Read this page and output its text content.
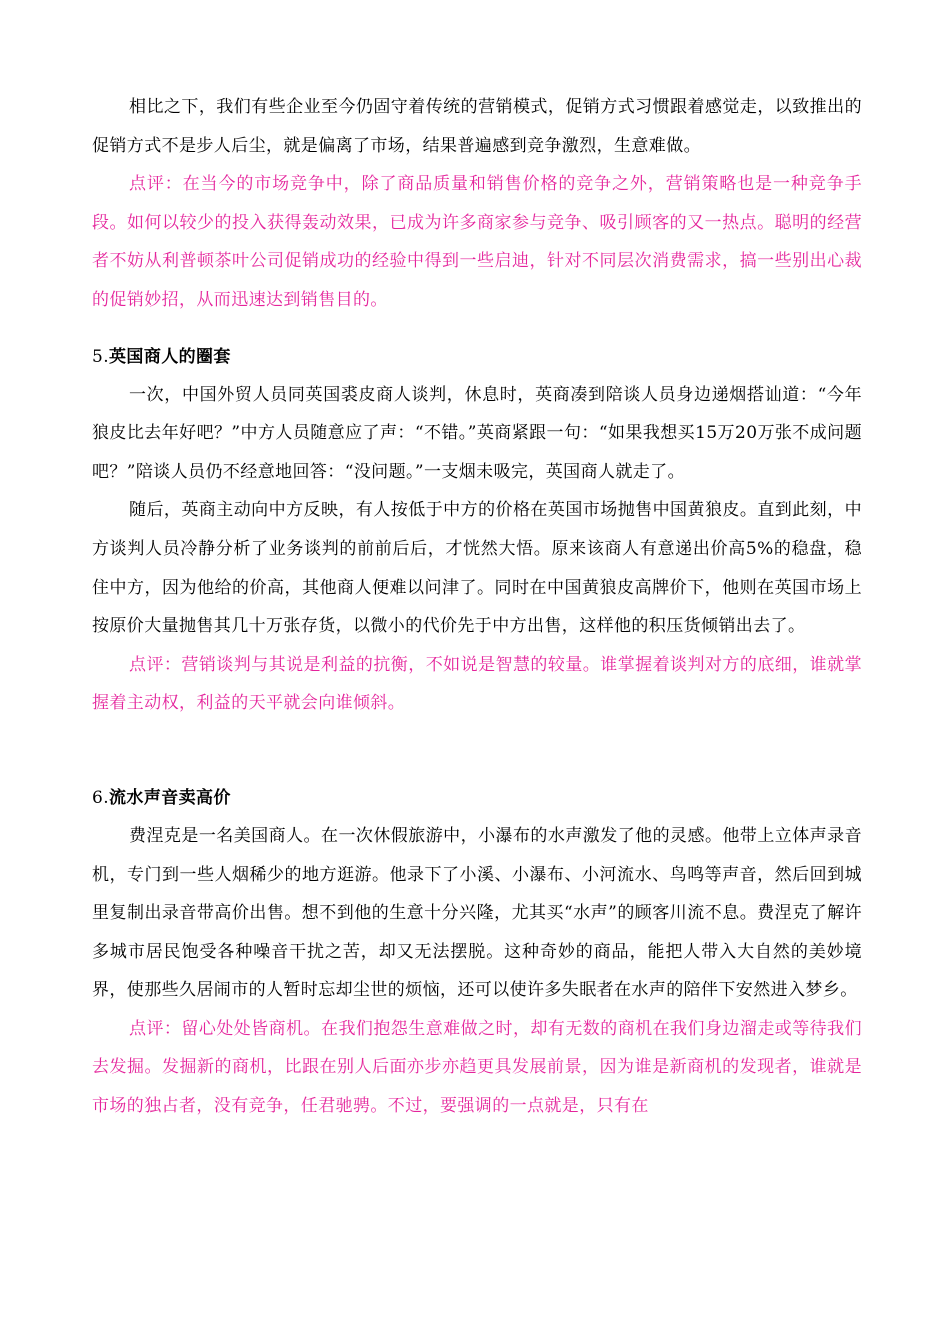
相比之下，我们有些企业至今仍固守着传统的营销模式，促销方式习惯跟着感觉走，以致推出的促销方式不是步人后尘，就是偏离了市场，结果普遍感到竞争激烈，生意难做。

点评：在当今的市场竞争中，除了商品质量和销售价格的竞争之外，营销策略也是一种竞争手段。如何以较少的投入获得轰动效果，已成为许多商家参与竞争、吸引顾客的又一热点。聪明的经营者不妨从利普顿茶叶公司促销成功的经验中得到一些启迪，针对不同层次消费需求，搞一些别出心裁的促销妙招，从而迅速达到销售目的。

5.英国商人的圈套

一次，中国外贸人员同英国裘皮商人谈判，休息时，英商凑到陪谈人员身边递烟搭讪道：“今年狼皮比去年好吧？”中方人员随意应了声：“不错。”英商紧跟一句：“如果我想买15万20万张不成问题吧？”陪谈人员仍不经意地回答：“没问题。”一支烟未吸完，英国商人就走了。

随后，英商主动向中方反映，有人按低于中方的价格在英国市场抛售中国黄狼皮。直到此刻，中方谈判人员冷静分析了业务谈判的前前后后，才恍然大悟。原来该商人有意递出价高5%的稳盘，稳住中方，因为他给的价高，其他商人便难以问津了。同时在中国黄狼皮高牌价下，他则在英国市场上按原价大量抛售其几十万张存货，以微小的代价先于中方出售，这样他的积压货倾销出去了。

点评：营销谈判与其说是利益的抗衡，不如说是智慧的较量。谁掌握着谈判对方的底细，谁就掌握着主动权，利益的天平就会向谁倾斜。

6.流水声音卖高价

费涅克是一名美国商人。在一次休假旅游中，小瀑布的水声激发了他的灵感。他带上立体声录音机，专门到一些人烟稀少的地方逛游。他录下了小溪、小瀑布、小河流水、鸟鸣等声音，然后回到城里复制出录音带高价出售。想不到他的生意十分兴隆，尤其买“水声”的顾客川流不息。费涅克了解许多城市居民饱受各种噪音干扰之苦，却又无法摆脱。这种奇妙的商品，能把人带入大自然的美妙境界，使那些久居闹市的人暂时忘却尘世的烦恼，还可以使许多失眠者在水声的陪伴下安然进入梦乡。

点评：留心处处皆商机。在我们抱怨生意难做之时，却有无数的商机在我们身边溜走或等待我们去发掘。发掘新的商机，比跟在别人后面亦步亦趋更具发展前景，因为谁是新商机的发现者，谁就是市场的独占者，没有竞争，任君驰骋。不过，要强调的一点就是，只有在
